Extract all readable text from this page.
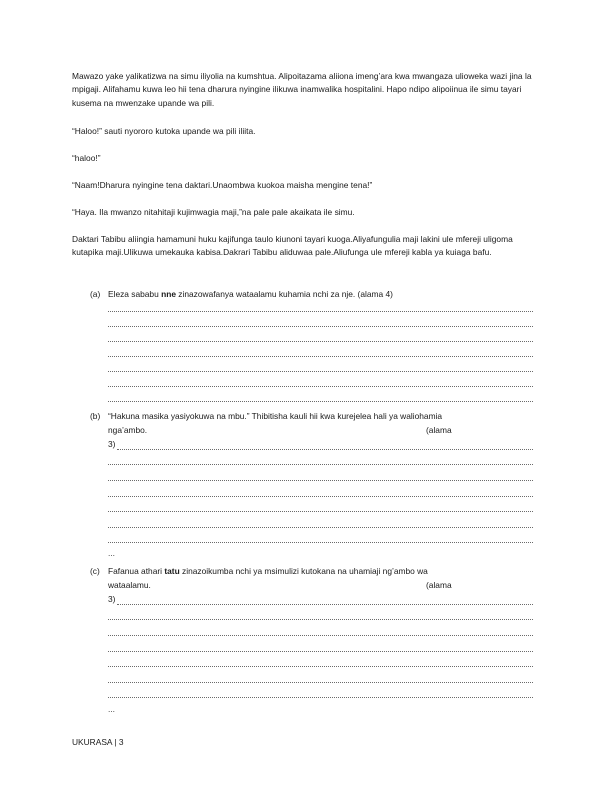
Mawazo yake yalikatizwa na simu iliyolia na kumshtua. Alipoitazama aliiona imeng’ara kwa mwangaza ulioweka wazi jina la mpigaji. Alifahamu kuwa leo hii tena dharura nyingine ilikuwa inamwalika hospitalini. Hapo ndipo alipoiinua ile simu tayari kusema na mwenzake upande wa pili.

“Haloo!” sauti nyororo kutoka upande wa pili iliita.

“haloo!”

“Naam!Dharura nyingine tena daktari.Unaombwa kuokoa maisha mengine tena!”

“Haya. Ila mwanzo nitahitaji kujimwagia maji,”na pale pale akaikata ile simu.

Daktari Tabibu aliingia hamamuni huku kajifunga taulo kiunoni tayari kuoga.Aliyafungulia maji lakini ule mfereji uligoma kutapika maji.Ulikuwa umekauka kabisa.Dakrari Tabibu aliduwaa pale.Aliufunga ule mfereji kabla ya kuiaga bafu.

(a) Eleza sababu nne zinazowafanya wataalamu kuhamia nchi za nje. (alama 4)
(b) “Hakuna masika yasiyokuwa na mbu.” Thibitisha kauli hii kwa kurejelea hali ya waliohamia
nga’ambo.	(alama
3)
...
(c) Fafanua athari tatu zinazoikumba nchi ya msimulizi kutokana na uhamiaji ng’ambo wa
wataalamu.	(alama
3)
...
UKURASA | 3
